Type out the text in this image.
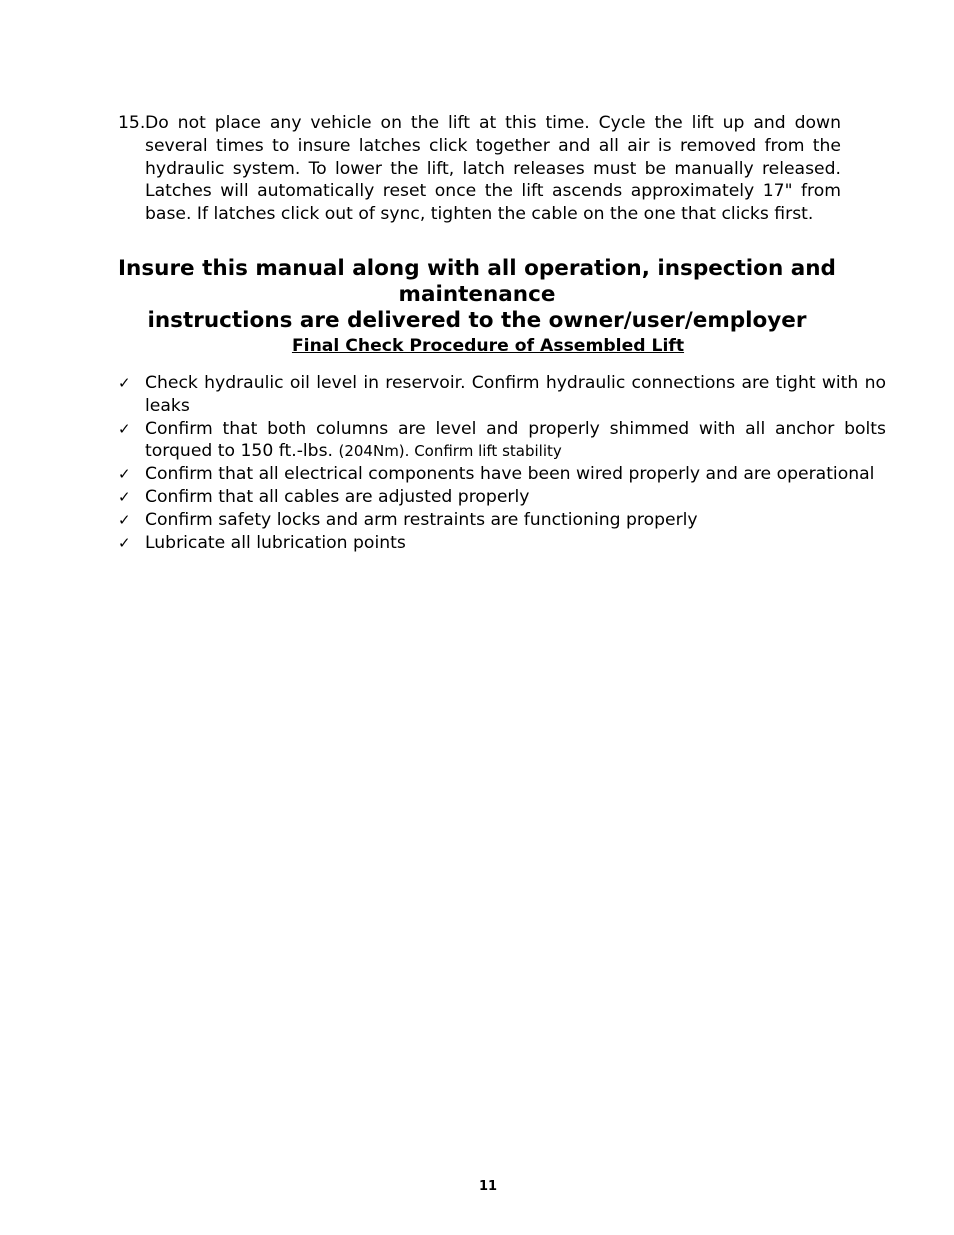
15. Do not place any vehicle on the lift at this time. Cycle the lift up and down several times to insure latches click together and all air is removed from the hydraulic system. To lower the lift, latch releases must be manually released. Latches will automatically reset once the lift ascends approximately 17" from base. If latches click out of sync, tighten the cable on the one that clicks first.
Insure this manual along with all operation, inspection and maintenance
instructions are delivered to the owner/user/employer
Final Check Procedure of Assembled Lift
✓ Check hydraulic oil level in reservoir. Confirm hydraulic connections are tight with no leaks
✓ Confirm that both columns are level and properly shimmed with all anchor bolts torqued to 150 ft.-lbs. (204Nm). Confirm lift stability
✓ Confirm that all electrical components have been wired properly and are operational
✓ Confirm that all cables are adjusted properly
✓ Confirm safety locks and arm restraints are functioning properly
✓ Lubricate all lubrication points
11
